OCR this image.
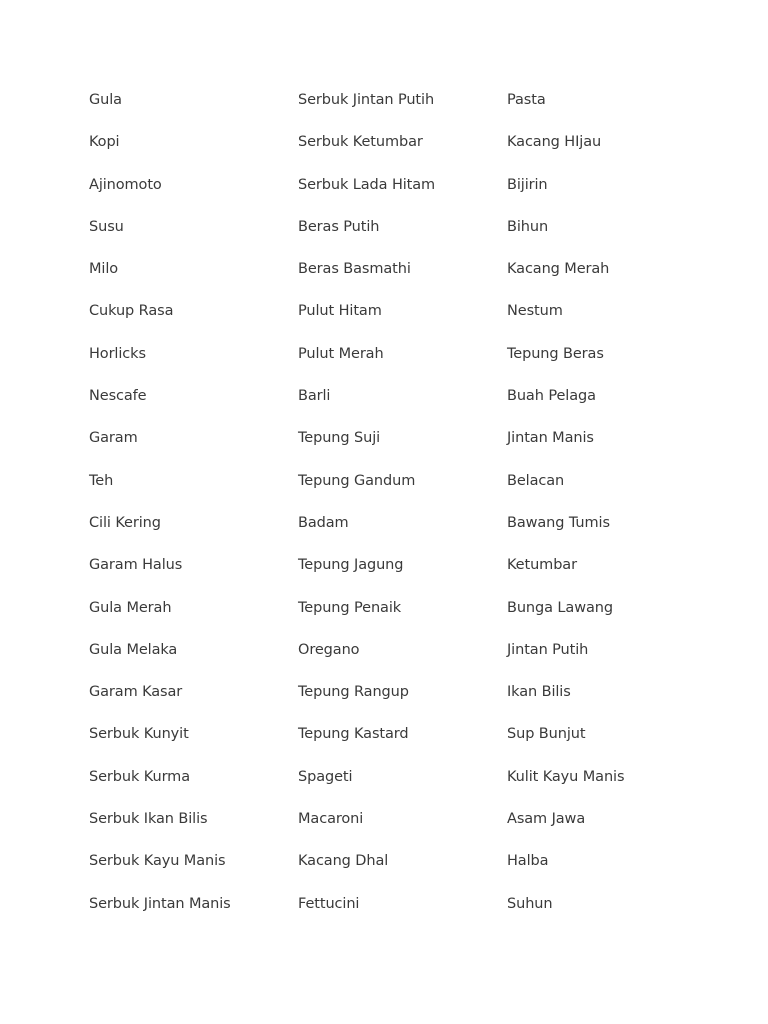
Gula
Kopi
Ajinomoto
Susu
Milo
Cukup Rasa
Horlicks
Nescafe
Garam
Teh
Cili Kering
Garam Halus
Gula Merah
Gula Melaka
Garam Kasar
Serbuk Kunyit
Serbuk Kurma
Serbuk Ikan Bilis
Serbuk Kayu Manis
Serbuk Jintan Manis
Serbuk Jintan Putih
Serbuk Ketumbar
Serbuk Lada Hitam
Beras Putih
Beras Basmathi
Pulut Hitam
Pulut Merah
Barli
Tepung Suji
Tepung Gandum
Badam
Tepung Jagung
Tepung Penaik
Oregano
Tepung Rangup
Tepung Kastard
Spageti
Macaroni
Kacang Dhal
Fettucini
Pasta
Kacang HIjau
Bijirin
Bihun
Kacang Merah
Nestum
Tepung Beras
Buah Pelaga
Jintan Manis
Belacan
Bawang Tumis
Ketumbar
Bunga Lawang
Jintan Putih
Ikan Bilis
Sup Bunjut
Kulit Kayu Manis
Asam Jawa
Halba
Suhun
